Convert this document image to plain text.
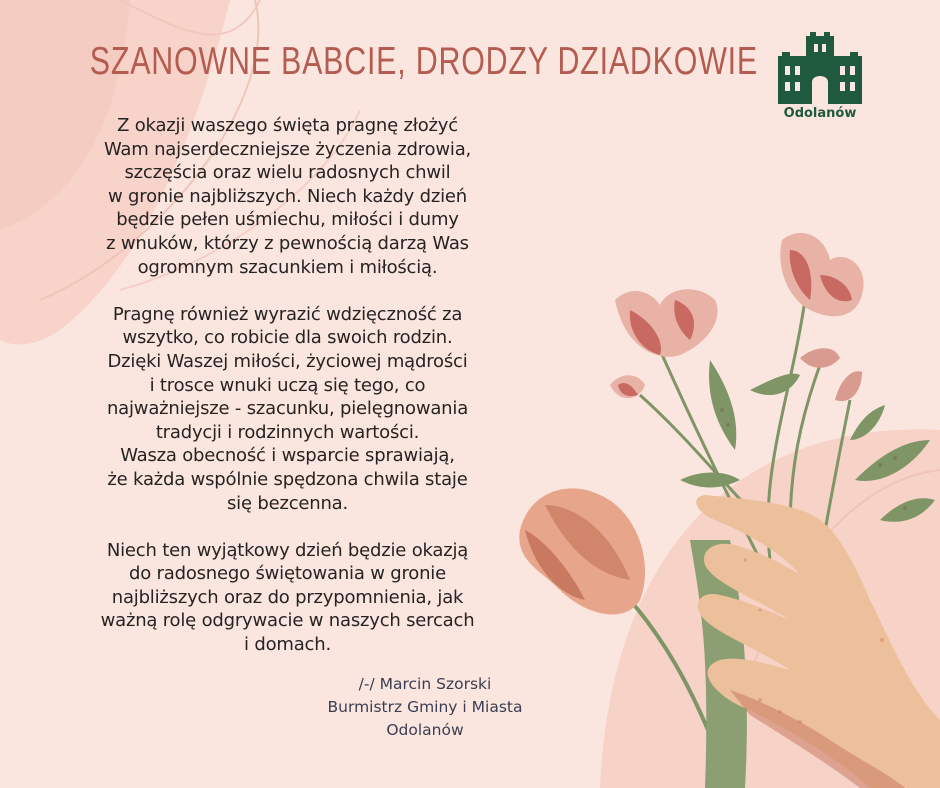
SZANOWNE BABCIE, DRODZY DZIADKOWIE
Odolanów
Z okazji waszego święta pragnę złożyć
Wam najserdeczniejsze życzenia zdrowia,
szczęścia oraz wielu radosnych chwil
w gronie najbliższych. Niech każdy dzień
będzie pełen uśmiechu, miłości i dumy
z wnuków, którzy z pewnością darzą Was
ogromnym szacunkiem i miłością.
Pragnę również wyrazić wdzięczność za
wszytko, co robicie dla swoich rodzin.
Dzięki Waszej miłości, życiowej mądrości
i trosce wnuki uczą się tego, co
najważniejsze - szacunku, pielęgnowania
tradycji i rodzinnych wartości.
Wasza obecność i wsparcie sprawiają,
że każda wspólnie spędzona chwila staje
się bezcenna.
Niech ten wyjątkowy dzień będzie okazją
do radosnego świętowania w gronie
najbliższych oraz do przypomnienia, jak
ważną rolę odgrywacie w naszych sercach
i domach.
/-/ Marcin Szorski
Burmistrz Gminy i Miasta
Odolanów
